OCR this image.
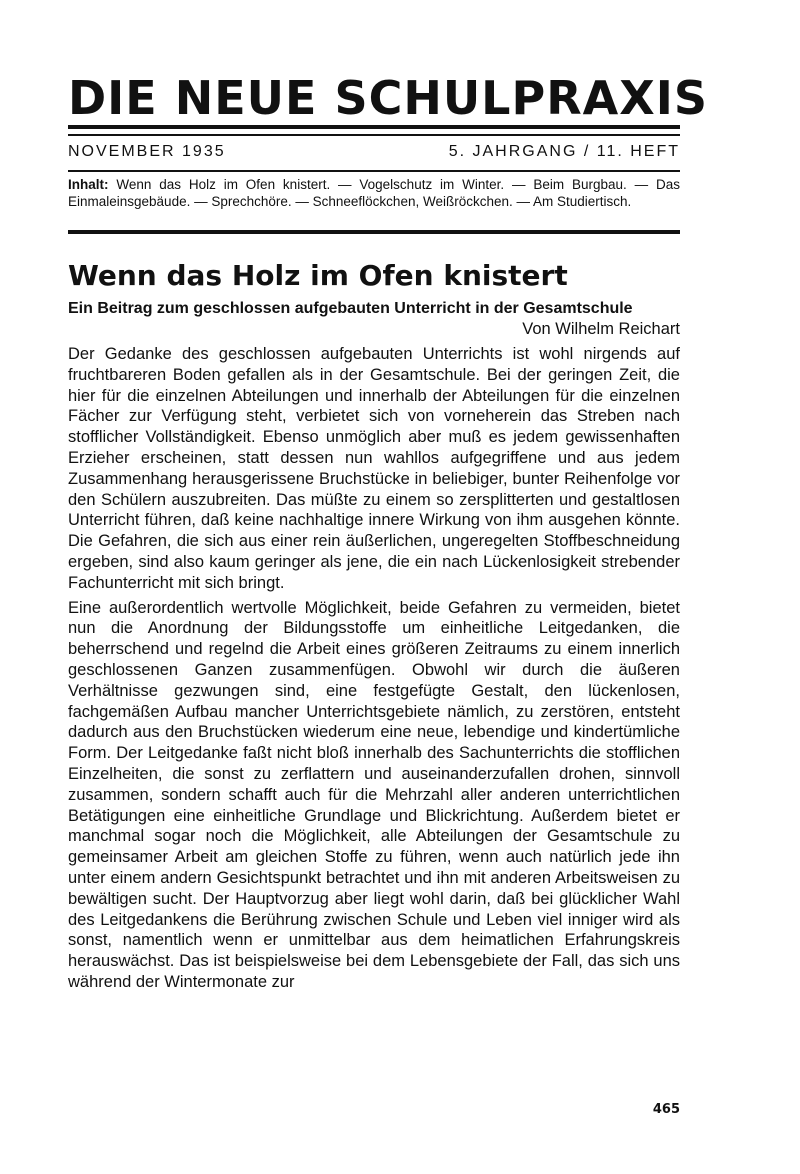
DIE NEUE SCHULPRAXIS
NOVEMBER 1935	5. JAHRGANG / 11. HEFT
Inhalt: Wenn das Holz im Ofen knistert. — Vogelschutz im Winter. — Beim Burgbau. — Das Einmaleinsgebäude. — Sprechchöre. — Schneeflöckchen, Weißröckchen. — Am Studiertisch.
Wenn das Holz im Ofen knistert
Ein Beitrag zum geschlossen aufgebauten Unterricht in der Gesamtschule
Von Wilhelm Reichart

Der Gedanke des geschlossen aufgebauten Unterrichts ist wohl nirgends auf fruchtbareren Boden gefallen als in der Gesamtschule. Bei der geringen Zeit, die hier für die einzelnen Abteilungen und innerhalb der Abteilungen für die einzelnen Fächer zur Verfügung steht, verbietet sich von vorneherein das Streben nach stofflicher Vollständigkeit. Ebenso unmöglich aber muß es jedem gewissenhaften Erzieher erscheinen, statt dessen nun wahllos aufgegriffene und aus jedem Zusammenhang herausgerissene Bruchstücke in beliebiger, bunter Reihenfolge vor den Schülern auszubreiten. Das müßte zu einem so zersplitterten und gestaltlosen Unterricht führen, daß keine nachhaltige innere Wirkung von ihm ausgehen könnte. Die Gefahren, die sich aus einer rein äußerlichen, ungeregelten Stoffbeschneidung ergeben, sind also kaum geringer als jene, die ein nach Lückenlosigkeit strebender Fachunterricht mit sich bringt.

Eine außerordentlich wertvolle Möglichkeit, beide Gefahren zu vermeiden, bietet nun die Anordnung der Bildungsstoffe um einheitliche Leitgedanken, die beherrschend und regelnd die Arbeit eines größeren Zeitraums zu einem innerlich geschlossenen Ganzen zusammenfügen. Obwohl wir durch die äußeren Verhältnisse gezwungen sind, eine festgefügte Gestalt, den lückenlosen, fachgemäßen Aufbau mancher Unterrichtsgebiete nämlich, zu zerstören, entsteht dadurch aus den Bruchstücken wiederum eine neue, lebendige und kindertümliche Form. Der Leitgedanke faßt nicht bloß innerhalb des Sachunterrichts die stofflichen Einzelheiten, die sonst zu zerflattern und auseinanderzufallen drohen, sinnvoll zusammen, sondern schafft auch für die Mehrzahl aller anderen unterrichtlichen Betätigungen eine einheitliche Grundlage und Blickrichtung. Außerdem bietet er manchmal sogar noch die Möglichkeit, alle Abteilungen der Gesamtschule zu gemeinsamer Arbeit am gleichen Stoffe zu führen, wenn auch natürlich jede ihn unter einem andern Gesichtspunkt betrachtet und ihn mit anderen Arbeitsweisen zu bewältigen sucht. Der Hauptvorzug aber liegt wohl darin, daß bei glücklicher Wahl des Leitgedankens die Berührung zwischen Schule und Leben viel inniger wird als sonst, namentlich wenn er unmittelbar aus dem heimatlichen Erfahrungskreis herauswächst. Das ist beispielsweise bei dem Lebensgebiete der Fall, das sich uns während der Wintermonate zur

465
